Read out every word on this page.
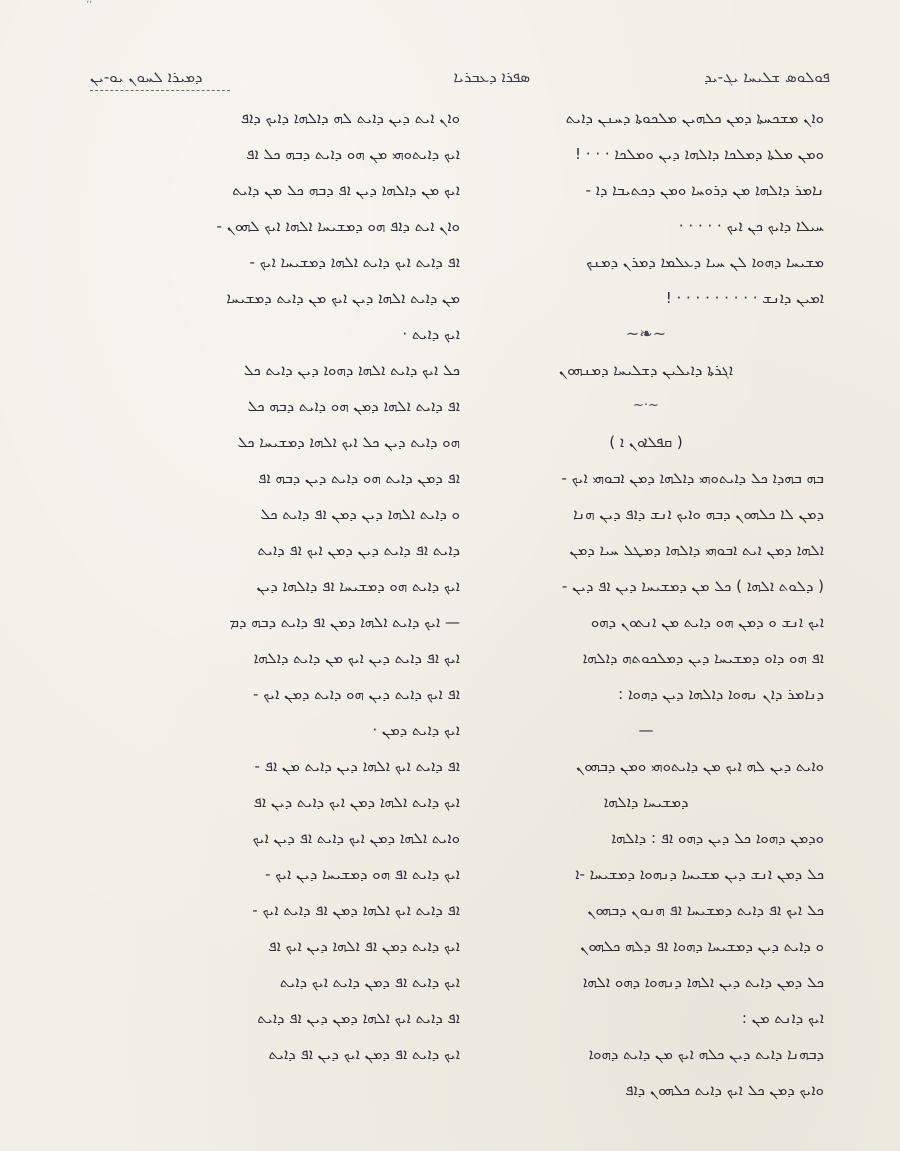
٬٬
ܦܘܠܘܣ ܫܠܝܚܐ ܝܓ-ܝܕ
ܣܦܪܐ ܕܥܒܪܝܐ
ܕܡܝܪܐ ܠܚܘܢ ܝܘ-ܝܢ
ܘܐܢ ܡܫܟܚܬܐ ܕܡܢ ܟܠܗܝܢ ܡܠܟܘܬܐ ܕܚܢܢ ܕܐܝܬ
ܘܡܢ ܡܠܬܐ ܕܡܠܟܐ ܕܐܠܗܐ ܕܝܢ ܘܡܠܟܐ · · · !
ܢܐܡܪ ܕܐܠܗܐ ܡܢ ܕܪܘܚܐ ܘܡܢ ܕܟܬܝܒܐ ܕܐ -
ܚܝܠܐ ܕܐܝܟ ܟܢ ܐܝܟ · · · · ·
ܡܫܝܚܐ ܕܗܘܐ ܠܢ ܚܝܐ ܕܥܠܡܐ ܕܡܪܢ ܕܡܢܟ
ܐܡܝܢ ܕܐܢܫ · · · · · · · · · !
~❧~
ܐܓܪܬܐ ܕܐܝܠܝܢ ܕܫܠܝܚܐ ܕܡܢܗܘܢ
~·~
( ܩܦܠܐܘܢ ܐ )
ܒܗ ܒܗܕܐ ܟܠ ܕܐܝܬܘܗܝ ܕܐܠܗܐ ܕܡܢ ܐܒܘܗܝ ܐܝܟ -
ܕܡܢ ܠܐ ܟܠܗܘܢ ܕܒܗ ܘܐܝܟ ܐܢܫ ܕܐܦ ܕܝܢ ܗܢܐ
ܐܠܗܐ ܕܡܢ ܐܝܬ ܐܒܘܗܝ ܕܐܠܗܐ ܕܡܛܠ ܚܝܐ ܕܡܢ
( ܕܠܘܬ ܐܠܗܐ ) ܟܠ ܡܢ ܕܡܫܝܚܐ ܕܝܢ ܐܦ ܕܝܢ -
ܐܝܟ ܐܢܫ ܘ ܕܡܢ ܗܘ ܕܐܝܬ ܡܢ ܐܢܬܘܢ ܕܗܘ
ܐܦ ܗܘ ܕܐܘ ܕܡܫܝܚܐ ܕܝܢ ܕܡܠܟܘܬܗ ܕܐܠܗܐ
ܕܢܐܡܪ ܕܐܢ ܢܗܘܐ ܕܐܠܗܐ ܕܝܢ ܕܗܘܐ :
—
ܘܐܝܬ ܕܝܢ ܠܗ ܐܝܟ ܡܢ ܕܐܝܬܘܗܝ ܘܡܢ ܕܒܗܘܢ
ܕܡܫܝܚܐ ܕܐܠܗܐ
ܘܕܡܢ ܕܗܘܐ ܟܠ ܕܝܢ ܕܗܘ ܐܦ : ܕܐܠܗܐ
ܟܠ ܕܡܢ ܐܢܫ ܕܝܢ ܡܫܝܚܐ ܕܢܗܘܐ ܕܡܫܝܚܐ -ܐ
ܟܠ ܐܝܟ ܐܦ ܕܐܝܬ ܕܡܫܝܚܐ ܐܦ ܗܢܘܢ ܕܒܗܘܢ
ܘ ܕܐܝܬ ܕܝܢ ܕܡܫܝܚܐ ܕܗܘܐ ܐܦ ܕܠܗ ܟܠܗܘܢ
ܟܠ ܕܡܢ ܕܐܝܬ ܕܝܢ ܐܠܗܐ ܕܢܗܘܐ ܕܗܘ ܐܠܗܐ
ܐܝܟ ܕܐܢܬ ܡܢ :
ܕܒܗܢܐ ܕܐܝܬ ܕܝܢ ܟܠܗ ܐܝܟ ܡܢ ܕܐܝܬ ܕܗܘܐ
ܘܐܝܟ ܕܡܢ ܟܠ ܐܝܟ ܕܐܝܬ ܟܠܗܘܢ ܕܐܦ
ܘܐܢ ܐܝܬ ܕܝܢ ܕܐܝܬ ܠܗ ܕܐܠܗܐ ܕܐܝܟ ܕܐܦ
ܐܝܟ ܕܐܝܬܘܗܝ ܡܢ ܗܘ ܕܐܝܬ ܕܒܗ ܟܠ ܐܦ
ܐܝܟ ܡܢ ܕܐܠܗܐ ܕܝܢ ܐܦ ܕܒܗ ܟܠ ܡܢ ܕܐܝܬ
ܘܐܢ ܐܝܬ ܕܐܦ ܗܘ ܕܡܫܝܚܐ ܐܠܗܐ ܐܝܟ ܠܗܘܢ -
ܐܦ ܕܐܝܬ ܐܝܟ ܕܐܝܬ ܐܠܗܐ ܕܡܫܝܚܐ ܐܝܟ -
ܡܢ ܕܐܝܬ ܐܠܗܐ ܕܝܢ ܐܝܟ ܡܢ ܕܐܝܬ ܕܡܫܝܚܐ
ܐܝܟ ܕܐܝܬ ·
ܟܠ ܐܝܟ ܕܐܝܬ ܐܠܗܐ ܕܗܘܐ ܕܝܢ ܕܐܝܬ ܟܠ
ܐܦ ܕܐܝܬ ܐܠܗܐ ܕܡܢ ܗܘ ܕܐܝܬ ܕܒܗ ܟܠ
ܗܘ ܕܐܝܬ ܕܝܢ ܟܠ ܐܝܟ ܐܠܗܐ ܕܡܫܝܚܐ ܟܠ
ܐܦ ܕܡܢ ܕܐܝܬ ܗܘ ܕܐܝܬ ܕܝܢ ܕܒܗ ܐܦ
ܘ ܕܐܝܬ ܐܠܗܐ ܕܝܢ ܕܡܢ ܐܦ ܕܐܝܬ ܟܠ
ܕܐܝܬ ܐܦ ܕܐܝܬ ܕܝܢ ܕܡܢ ܐܝܟ ܐܦ ܕܐܝܬ
ܐܝܟ ܕܐܝܬ ܗܘ ܕܡܫܝܚܐ ܐܦ ܕܐܠܗܐ ܕܝܢ
— ܐܝܟ ܕܐܝܬ ܐܠܗܐ ܕܡܢ ܐܦ ܕܐܝܬ ܕܒܗ ܕܡ
ܐܝܟ ܐܦ ܕܐܝܬ ܕܝܢ ܐܝܟ ܡܢ ܕܐܝܬ ܕܐܠܗܐ
ܐܦ ܐܝܟ ܕܐܝܬ ܕܝܢ ܗܘ ܕܐܝܬ ܕܡܢ ܐܝܟ -
ܐܝܟ ܕܐܝܬ ܕܡܢ ·
ܐܦ ܕܐܝܬ ܐܝܟ ܐܠܗܐ ܕܝܢ ܕܐܝܬ ܡܢ ܐܦ -
ܐܝܟ ܕܐܝܬ ܐܠܗܐ ܕܡܢ ܐܝܟ ܕܐܝܬ ܕܝܢ ܐܦ
ܘܐܝܬ ܐܠܗܐ ܕܡܢ ܐܝܟ ܕܐܝܬ ܐܦ ܕܝܢ ܐܝܟ
ܐܝܟ ܕܐܝܬ ܐܦ ܗܘ ܕܡܫܝܚܐ ܕܝܢ ܐܝܟ -
ܐܦ ܕܐܝܬ ܐܝܟ ܐܠܗܐ ܕܡܢ ܐܦ ܕܐܝܬ ܐܝܟ -
ܐܝܟ ܕܐܝܬ ܕܡܢ ܐܦ ܐܠܗܐ ܕܝܢ ܐܝܟ ܐܦ
ܐܝܟ ܕܐܝܬ ܐܦ ܕܡܢ ܕܐܝܬ ܐܝܟ ܕܐܝܬ
ܐܦ ܕܐܝܬ ܐܝܟ ܐܠܗܐ ܕܡܢ ܕܝܢ ܐܦ ܕܐܝܬ
ܐܝܟ ܕܐܝܬ ܐܦ ܕܡܢ ܐܝܟ ܕܝܢ ܐܦ ܕܐܝܬ
